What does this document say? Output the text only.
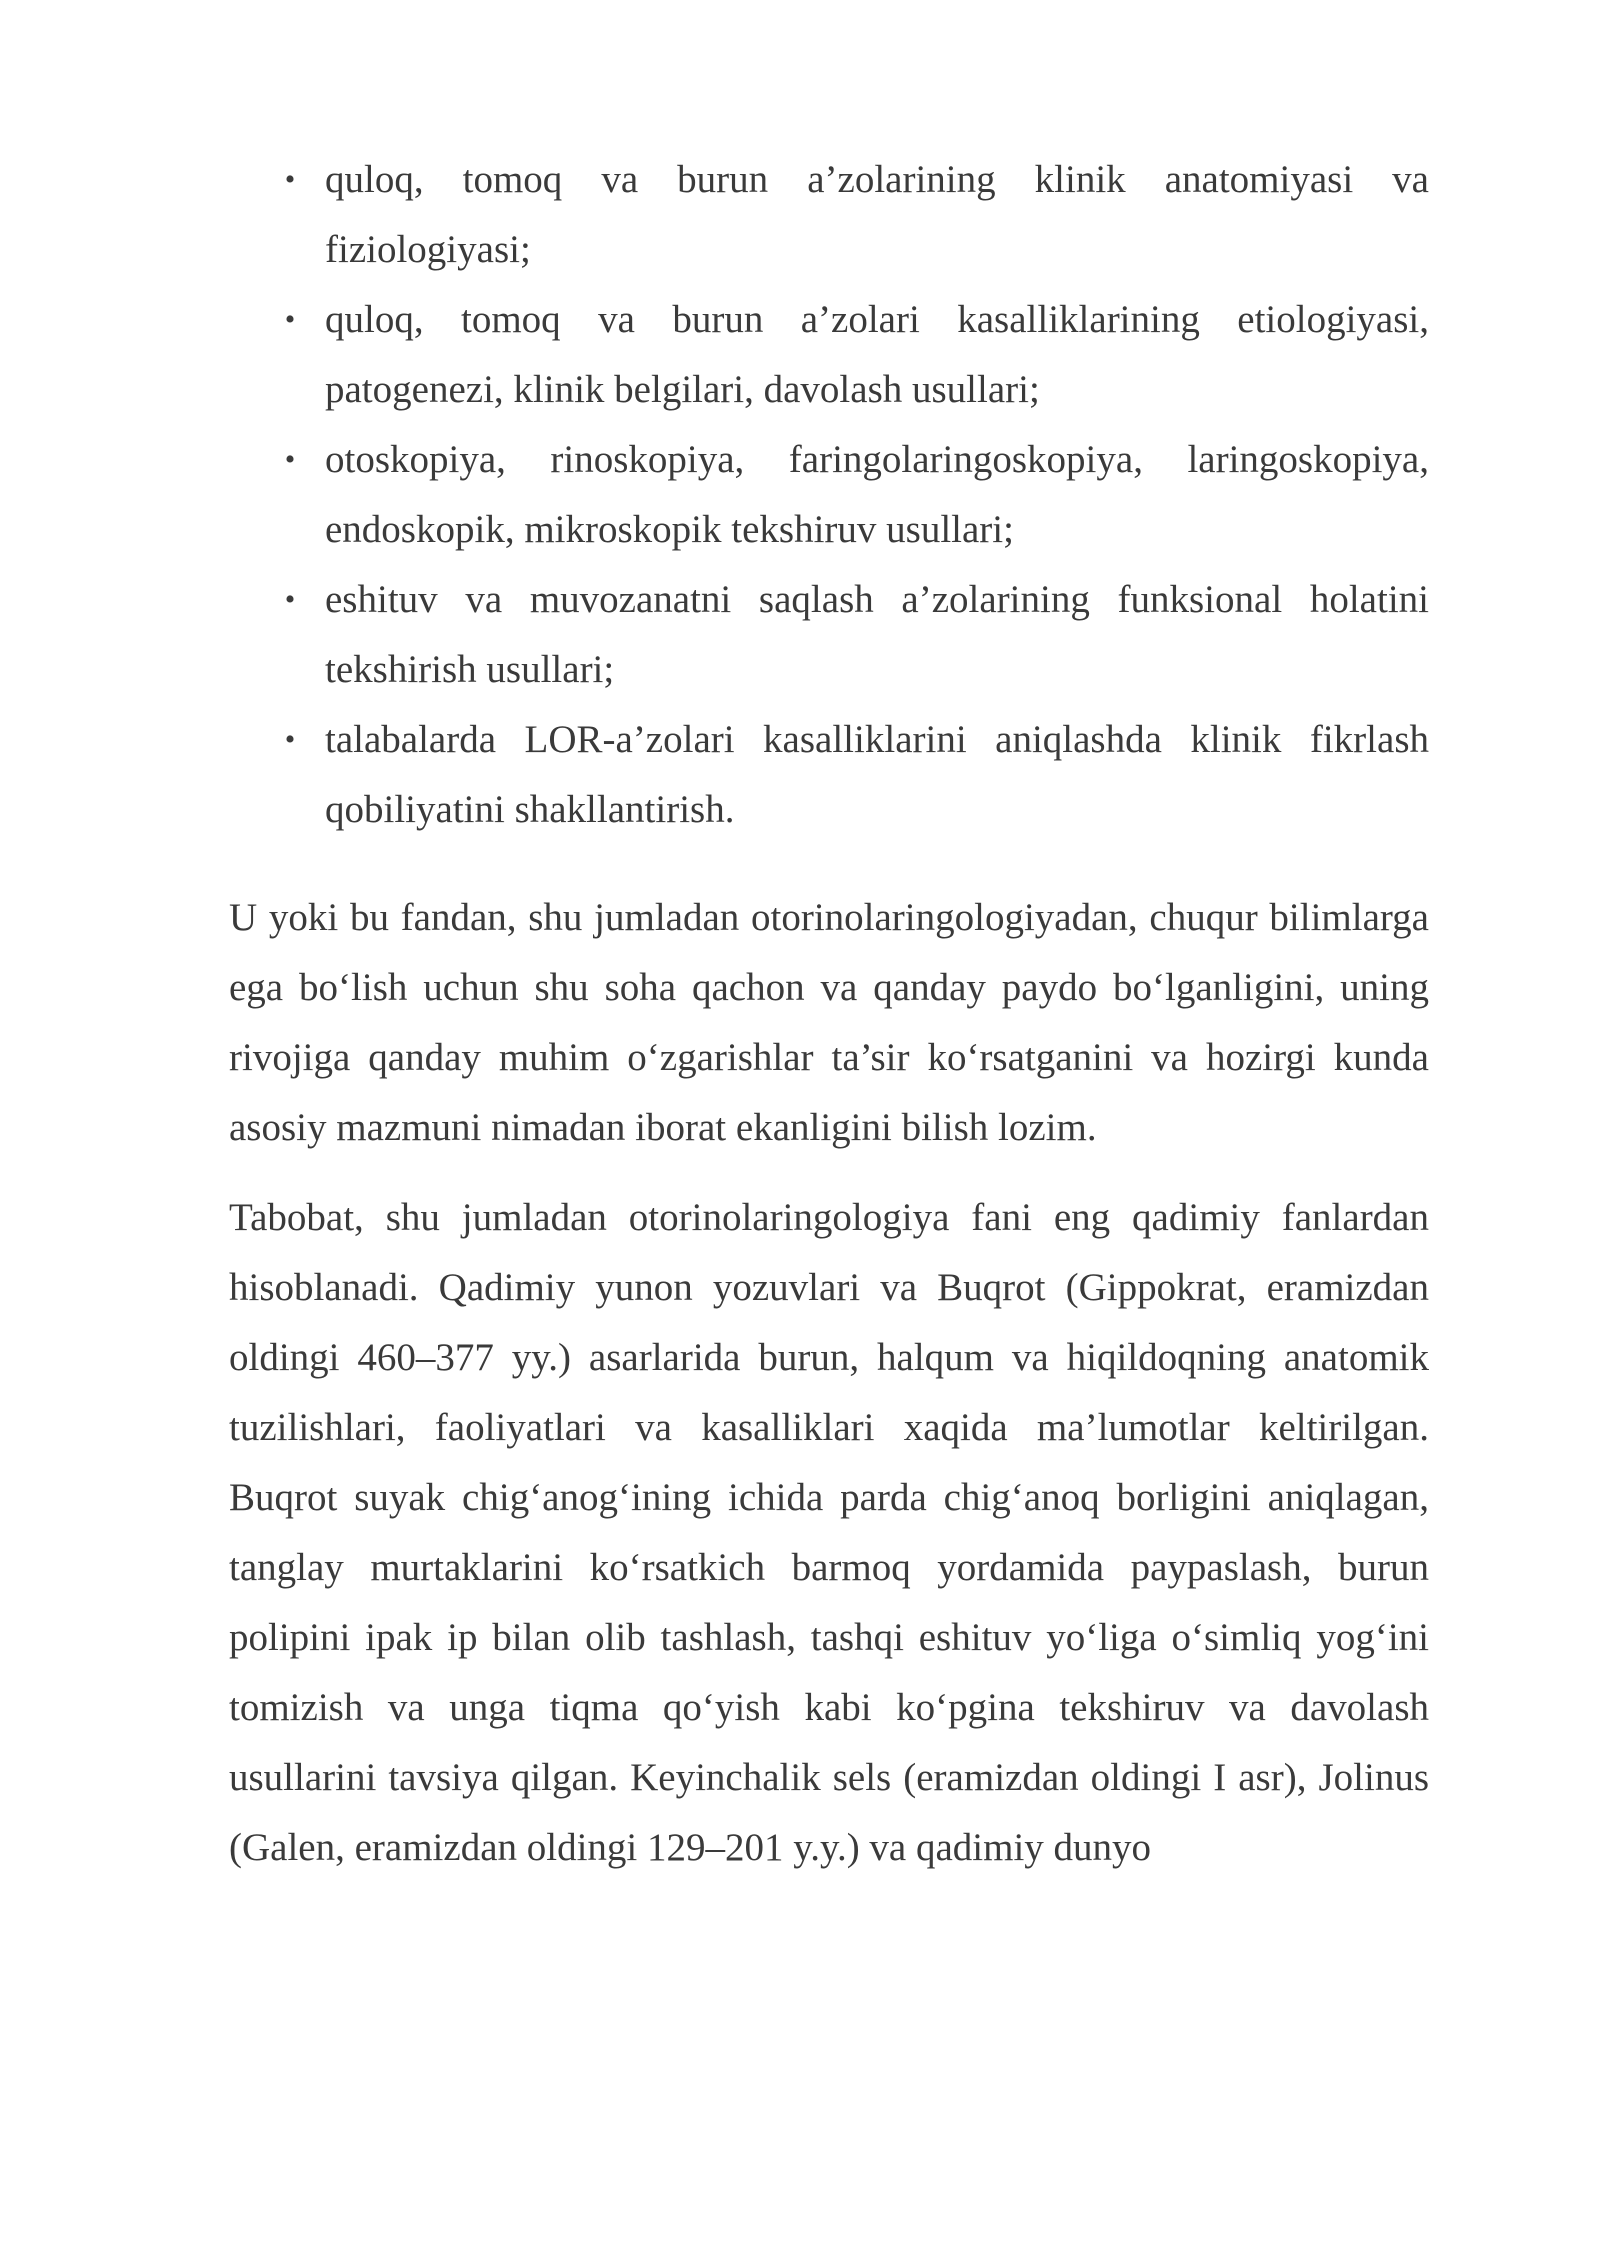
• quloq, tomoq va burun a’zolarining klinik anatomiyasi va fiziologiyasi;
• quloq, tomoq va burun a’zolari kasalliklarining etiologiyasi, patogenezi, klinik belgilari, davolash usullari;
• otoskopiya, rinoskopiya, faringolaringoskopiya, laringoskopiya, endoskopik, mikroskopik tekshiruv usullari;
• eshituv va muvozanatni saqlash a’zolarining funksional holatini tekshirish usullari;
• talabalarda LOR-a’zolari kasalliklarini aniqlashda klinik fikrlash qobiliyatini shakllantirish.

U yoki bu fandan, shu jumladan otorinolaringologiyadan, chuqur bilimlarga ega bo‘lish uchun shu soha qachon va qanday paydo bo‘lganligini, uning rivojiga qanday muhim o‘zgarishlar ta’sir ko‘rsatganini va hozirgi kunda asosiy mazmuni nimadan iborat ekanligini bilish lozim.

Tabobat, shu jumladan otorinolaringologiya fani eng qadimiy fanlardan hisoblanadi. Qadimiy yunon yozuvlari va Buqrot (Gippokrat, eramizdan oldingi 460–377 yy.) asarlarida burun, halqum va hiqildoqning anatomik tuzilishlari, faoliyatlari va kasalliklari xaqida ma’lumotlar keltirilgan. Buqrot suyak chig‘anog‘ining ichida parda chig‘anoq borligini aniqlagan, tanglay murtaklarini ko‘rsatkich barmoq yordamida paypaslash, burun polipini ipak ip bilan olib tashlash, tashqi eshituv yo‘liga o‘simliq yog‘ini tomizish va unga tiqma qo‘yish kabi ko‘pgina tekshiruv va davolash usullarini tavsiya qilgan. Keyinchalik sels (eramizdan oldingi I asr), Jolinus (Galen, eramizdan oldingi 129–201 y.y.) va qadimiy dunyo
